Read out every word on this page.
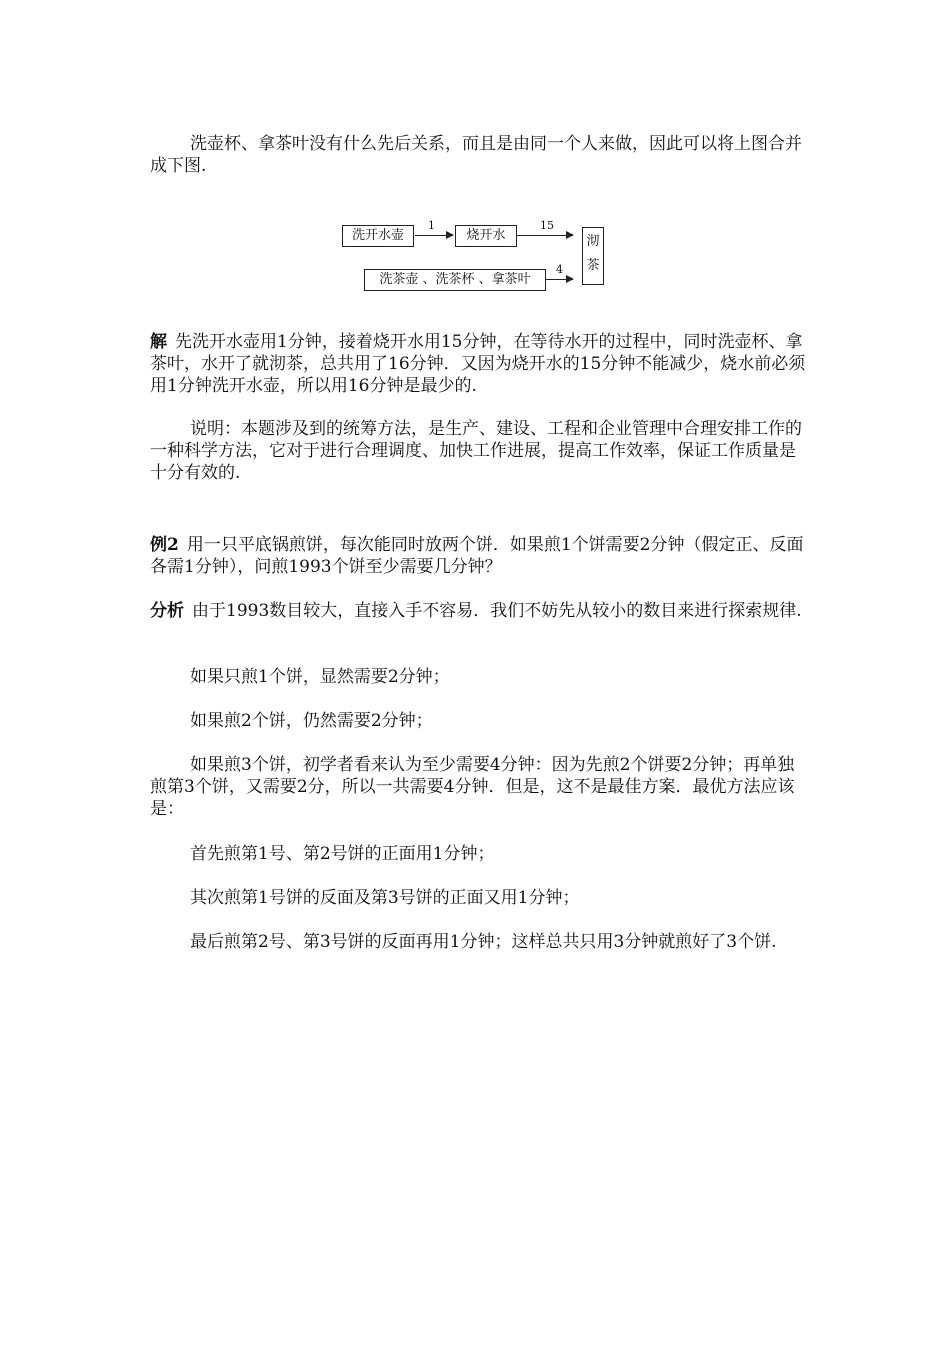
洗壶杯、拿茶叶没有什么先后关系，而且是由同一个人来做，因此可以将上图合并成下图.

洗开水壶
1
烧开水
15
洗茶壶 、洗茶杯 、拿茶叶
4
沏
茶

解 先洗开水壶用1分钟，接着烧开水用15分钟，在等待水开的过程中，同时洗壶杯、拿茶叶，水开了就沏茶，总共用了16分钟．又因为烧开水的15分钟不能减少，烧水前必须用1分钟洗开水壶，所以用16分钟是最少的.

说明：本题涉及到的统筹方法，是生产、建设、工程和企业管理中合理安排工作的一种科学方法，它对于进行合理调度、加快工作进展，提高工作效率，保证工作质量是十分有效的.

例2 用一只平底锅煎饼，每次能同时放两个饼．如果煎1个饼需要2分钟（假定正、反面各需1分钟），问煎1993个饼至少需要几分钟？

分析 由于1993数目较大，直接入手不容易．我们不妨先从较小的数目来进行探索规律.

如果只煎1个饼，显然需要2分钟；

如果煎2个饼，仍然需要2分钟；

如果煎3个饼，初学者看来认为至少需要4分钟：因为先煎2个饼要2分钟；再单独煎第3个饼，又需要2分，所以一共需要4分钟．但是，这不是最佳方案．最优方法应该是：

首先煎第1号、第2号饼的正面用1分钟；

其次煎第1号饼的反面及第3号饼的正面又用1分钟；

最后煎第2号、第3号饼的反面再用1分钟；这样总共只用3分钟就煎好了3个饼.
